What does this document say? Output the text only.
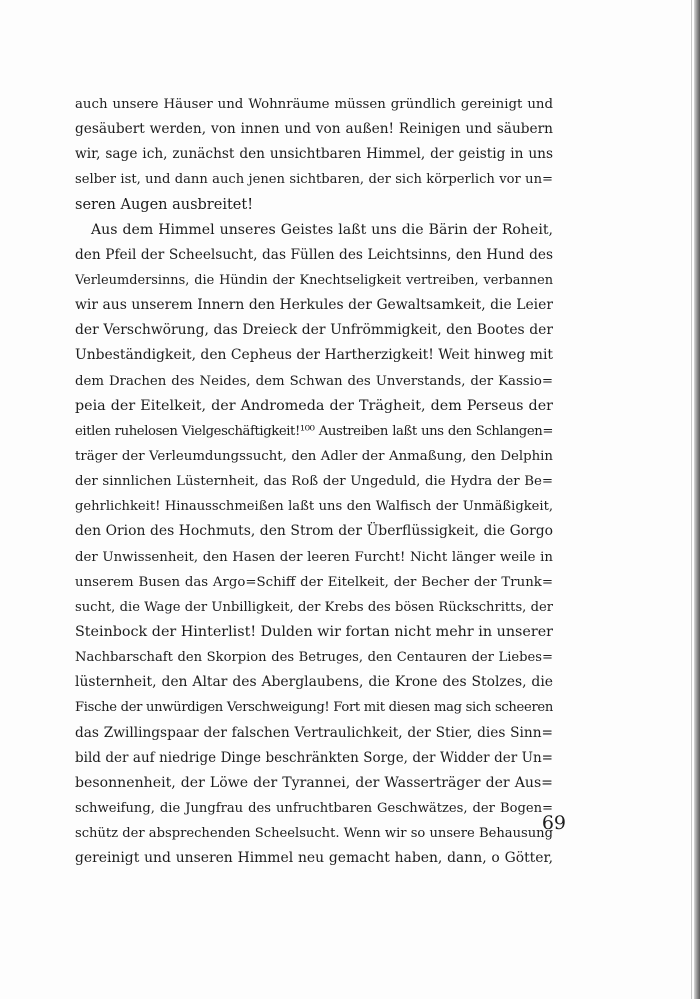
auch unsere Häuser und Wohnräume müssen gründlich gereinigt und
gesäubert werden, von innen und von außen! Reinigen und säubern
wir, sage ich, zunächst den unsichtbaren Himmel, der geistig in uns
selber ist, und dann auch jenen sichtbaren, der sich körperlich vor un=
seren Augen ausbreitet!
Aus dem Himmel unseres Geistes laßt uns die Bärin der Roheit,
den Pfeil der Scheelsucht, das Füllen des Leichtsinns, den Hund des
Verleumdersinns, die Hündin der Knechtseligkeit vertreiben, verbannen
wir aus unserem Innern den Herkules der Gewaltsamkeit, die Leier
der Verschwörung, das Dreieck der Unfrömmigkeit, den Bootes der
Unbeständigkeit, den Cepheus der Hartherzigkeit! Weit hinweg mit
dem Drachen des Neides, dem Schwan des Unverstands, der Kassio=
peia der Eitelkeit, der Andromeda der Trägheit, dem Perseus der
eitlen ruhelosen Vielgeschäftigkeit!¹⁰⁰ Austreiben laßt uns den Schlangen=
träger der Verleumdungssucht, den Adler der Anmaßung, den Delphin
der sinnlichen Lüsternheit, das Roß der Ungeduld, die Hydra der Be=
gehrlichkeit! Hinausschmeißen laßt uns den Walfisch der Unmäßigkeit,
den Orion des Hochmuts, den Strom der Überflüssigkeit, die Gorgo
der Unwissenheit, den Hasen der leeren Furcht! Nicht länger weile in
unserem Busen das Argo=Schiff der Eitelkeit, der Becher der Trunk=
sucht, die Wage der Unbilligkeit, der Krebs des bösen Rückschritts, der
Steinbock der Hinterlist! Dulden wir fortan nicht mehr in unserer
Nachbarschaft den Skorpion des Betruges, den Centauren der Liebes=
lüsternheit, den Altar des Aberglaubens, die Krone des Stolzes, die
Fische der unwürdigen Verschweigung! Fort mit diesen mag sich scheeren
das Zwillingspaar der falschen Vertraulichkeit, der Stier, dies Sinn=
bild der auf niedrige Dinge beschränkten Sorge, der Widder der Un=
besonnenheit, der Löwe der Tyrannei, der Wasserträger der Aus=
schweifung, die Jungfrau des unfruchtbaren Geschwätzes, der Bogen=
schütz der absprechenden Scheelsucht. Wenn wir so unsere Behausung
gereinigt und unseren Himmel neu gemacht haben, dann, o Götter,
69
